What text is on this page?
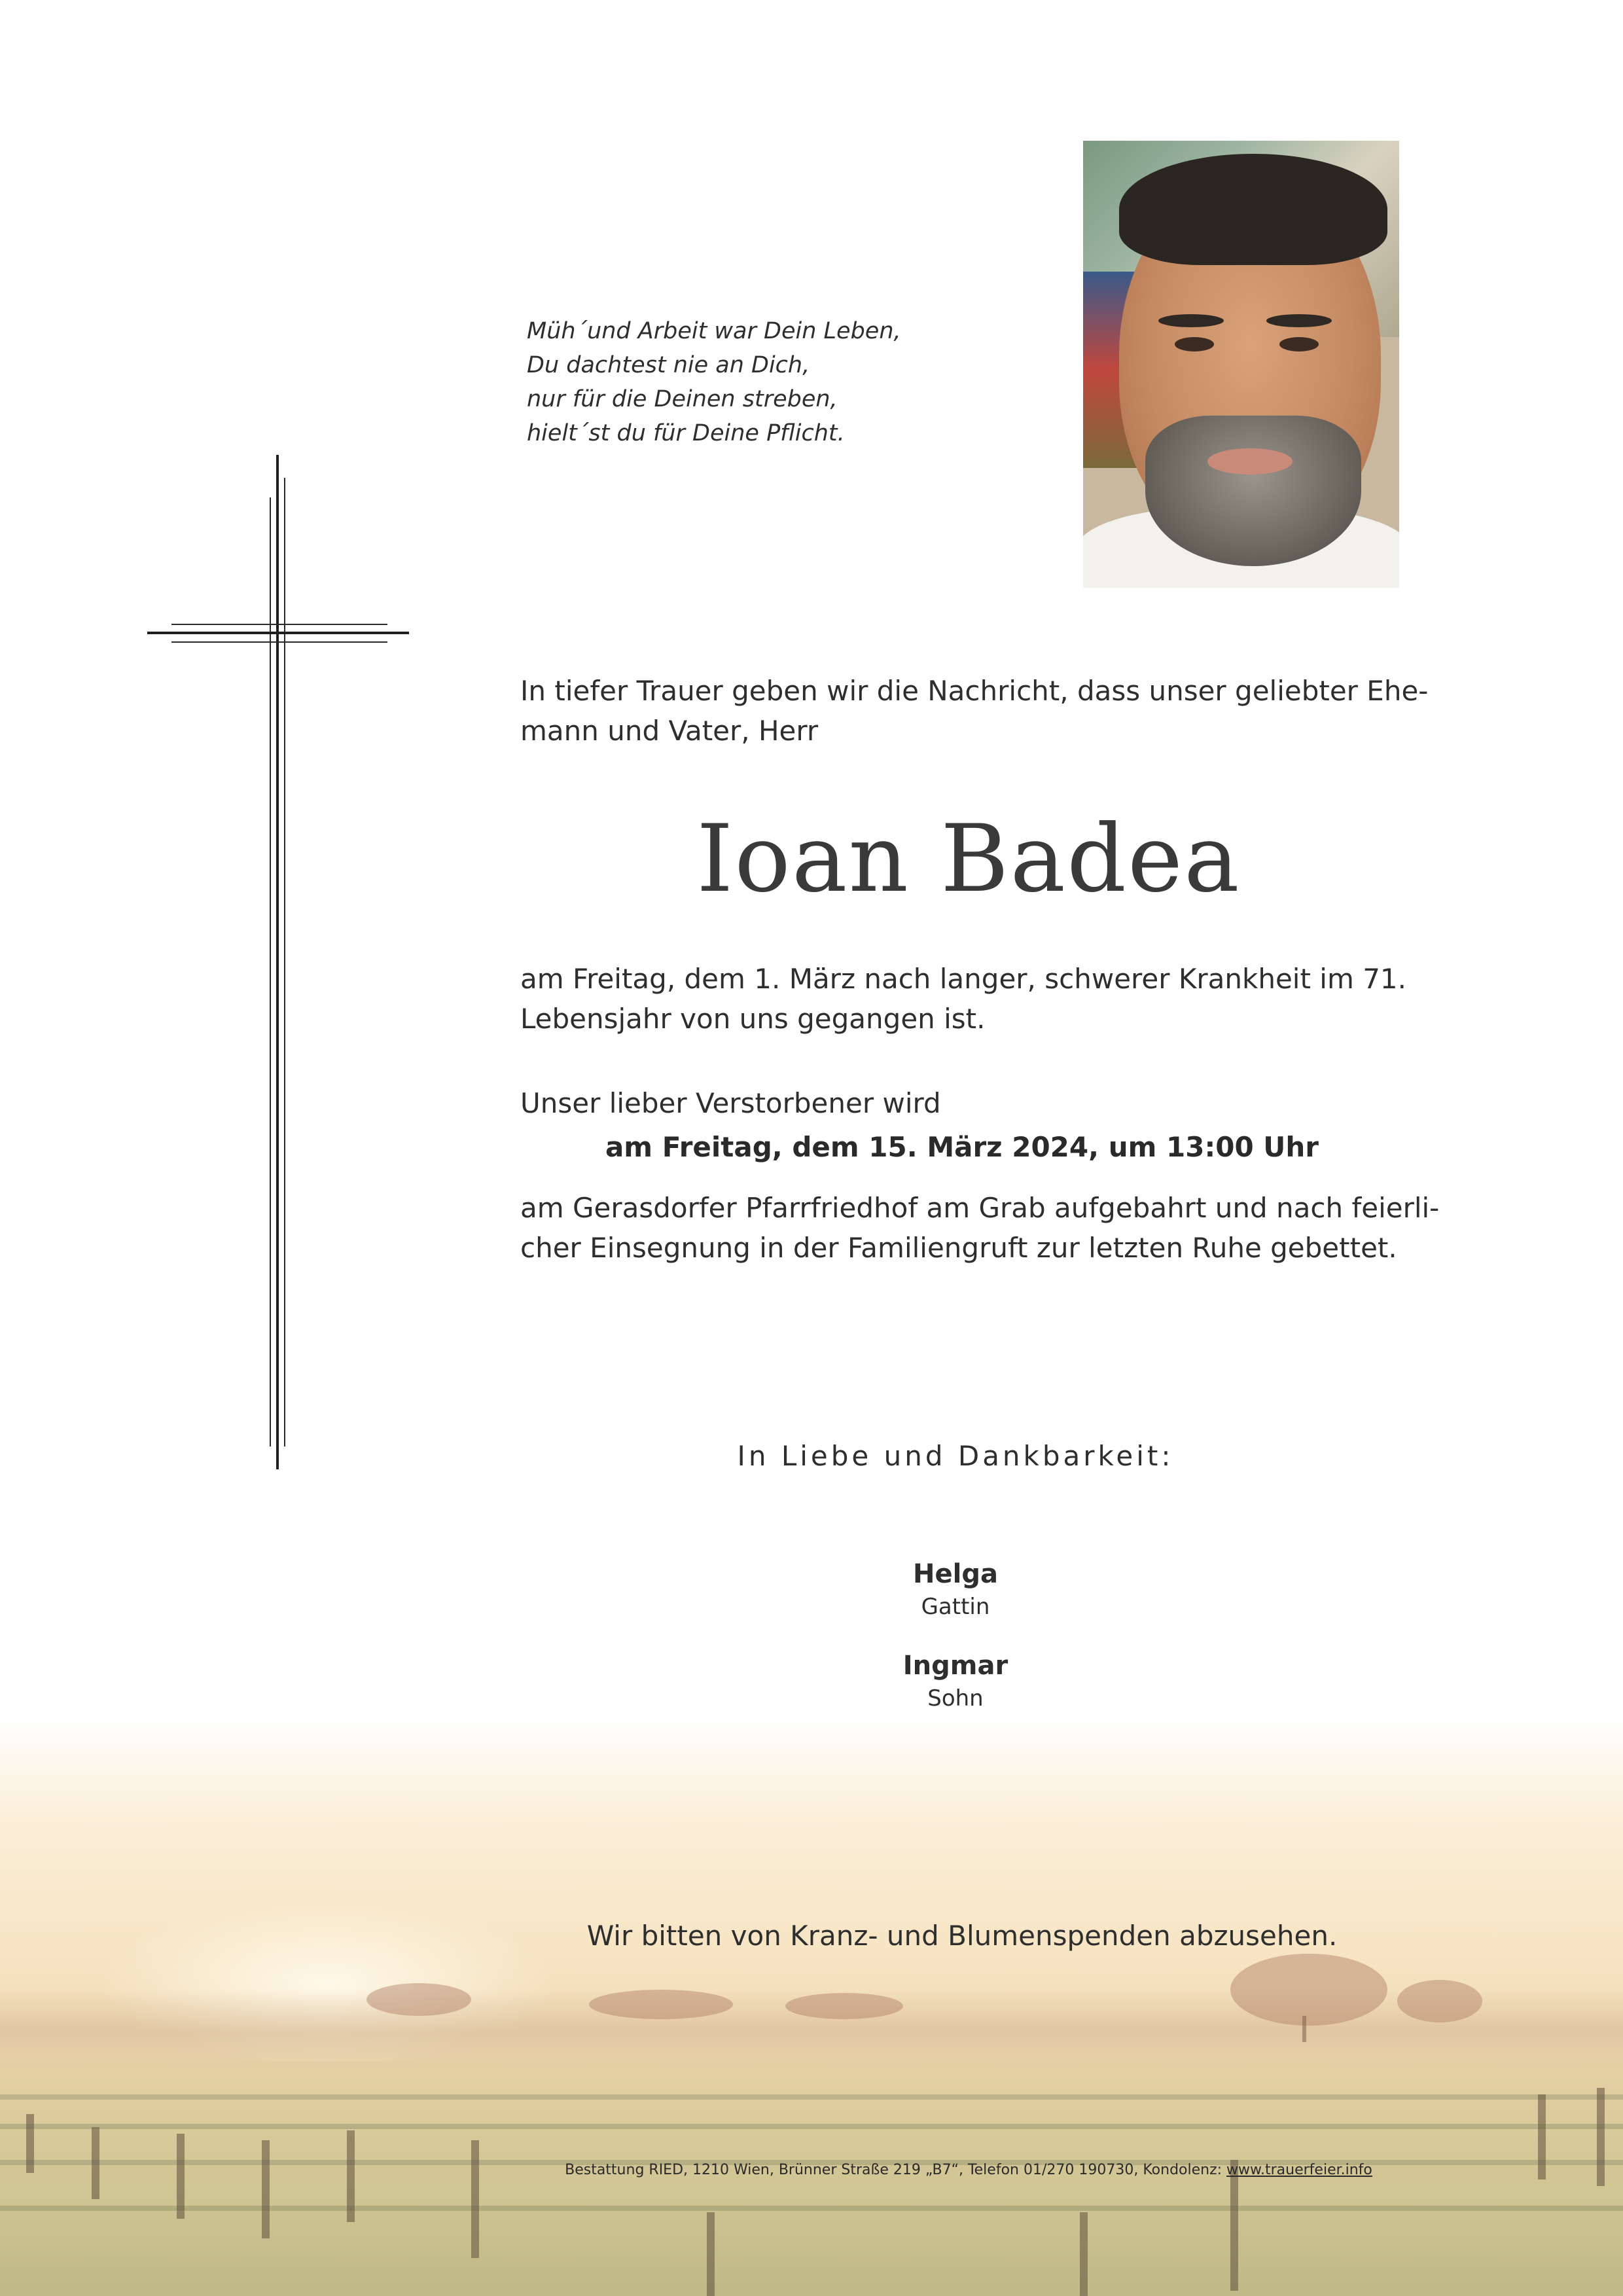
Müh´und Arbeit war Dein Leben,
Du dachtest nie an Dich,
nur für die Deinen streben,
hielt´st du für Deine Pflicht.
In tiefer Trauer geben wir die Nachricht, dass unser geliebter Ehe-
mann und Vater, Herr
Ioan Badea
am Freitag, dem 1. März nach langer, schwerer Krankheit im 71.
Lebensjahr von uns gegangen ist.
Unser lieber Verstorbener wird
am Freitag, dem 15. März 2024, um 13:00 Uhr
am Gerasdorfer Pfarrfriedhof am Grab aufgebahrt und nach feierli-
cher Einsegnung in der Familiengruft zur letzten Ruhe gebettet.
In Liebe und Dankbarkeit:
Helga
Gattin
Ingmar
Sohn
Wir bitten von Kranz- und Blumenspenden abzusehen.
Bestattung RIED, 1210 Wien, Brünner Straße 219 „B7“, Telefon 01/270 190730, Kondolenz: www.trauerfeier.info
